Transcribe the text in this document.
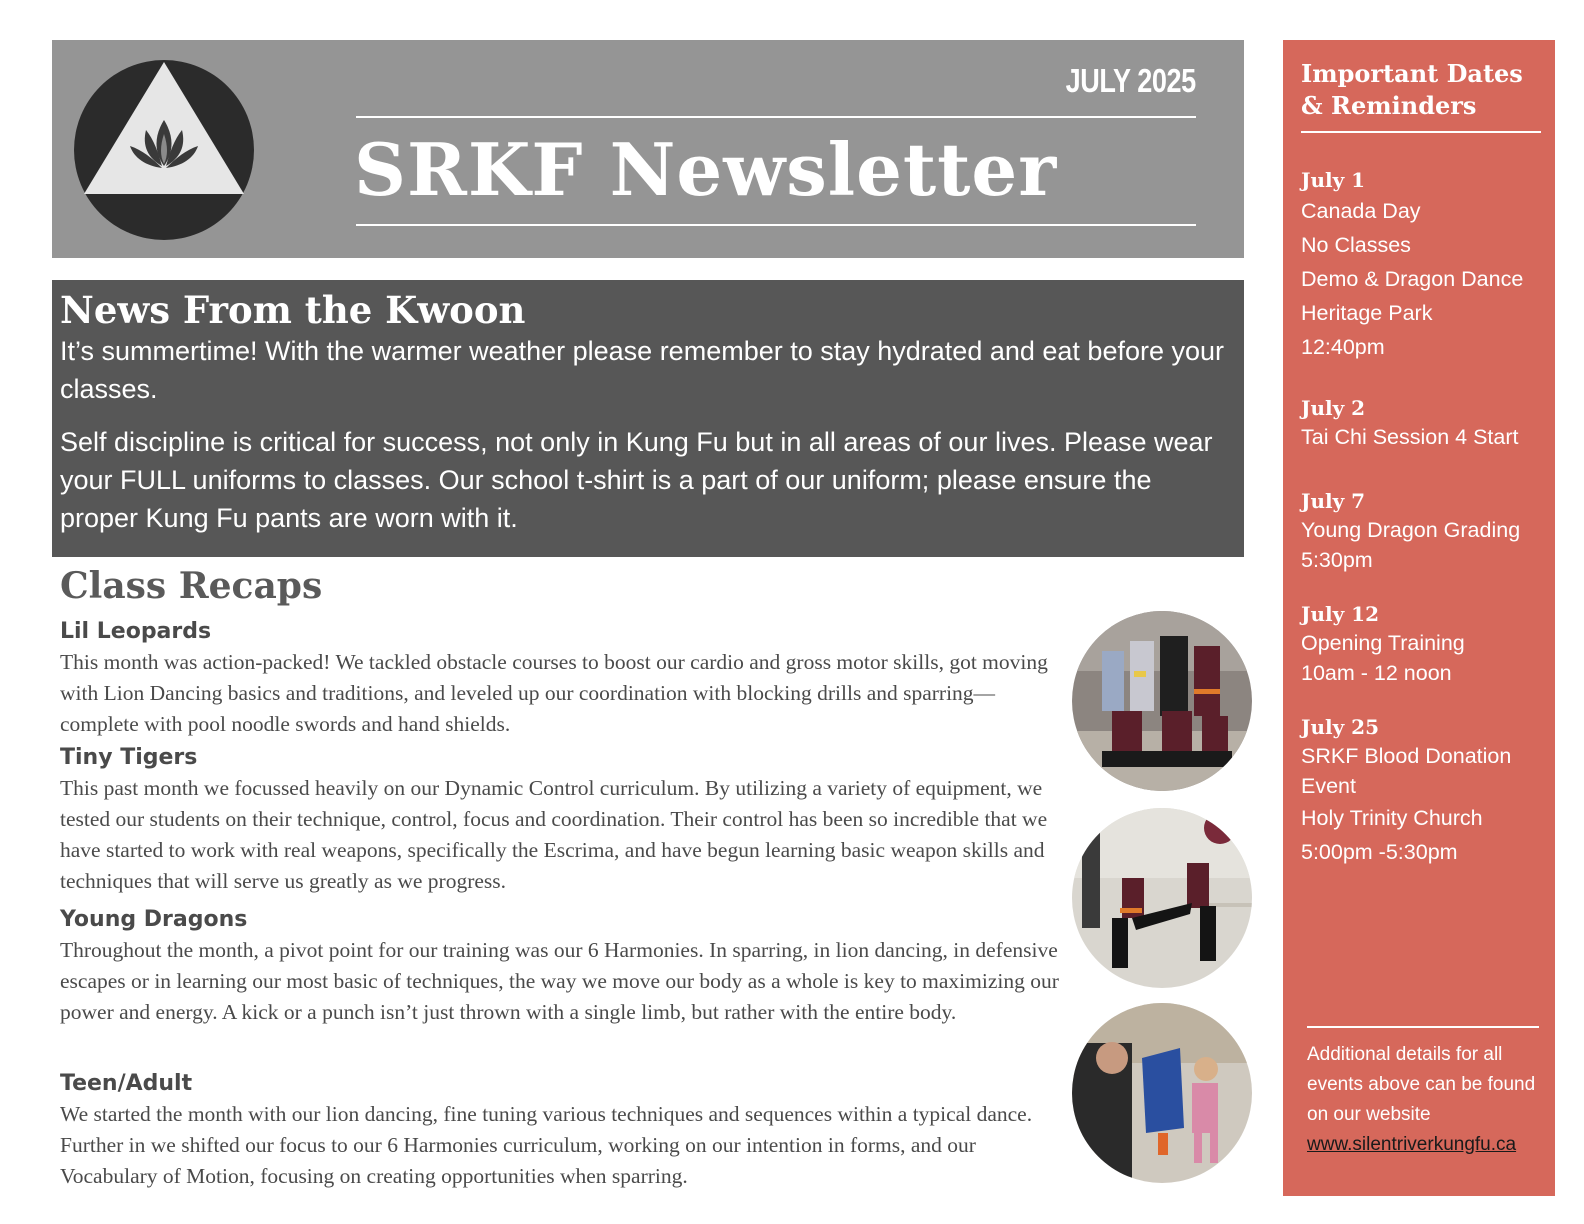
JULY 2025
SRKF Newsletter
News From the Kwoon

It’s summertime! With the warmer weather please remember to stay hydrated and eat before your classes.

Self discipline is critical for success, not only in Kung Fu but in all areas of our lives. Please wear your FULL uniforms to classes. Our school t-shirt is a part of our uniform; please ensure the proper Kung Fu pants are worn with it.

Class Recaps

Lil Leopards

This month was action-packed! We tackled obstacle courses to boost our cardio and gross motor skills, got moving with Lion Dancing basics and traditions, and leveled up our coordination with blocking drills and sparring—complete with pool noodle swords and hand shields.

Tiny Tigers

This past month we focussed heavily on our Dynamic Control curriculum. By utilizing a variety of equipment, we tested our students on their technique, control, focus and coordination. Their control has been so incredible that we have started to work with real weapons, specifically the Escrima, and have begun learning basic weapon skills and techniques that will serve us greatly as we progress.

Young Dragons

Throughout the month, a pivot point for our training was our 6 Harmonies. In sparring, in lion dancing, in defensive escapes or in learning our most basic of techniques, the way we move our body as a whole is key to maximizing our power and energy. A kick or a punch isn’t just thrown with a single limb, but rather with the entire body.

Teen/Adult

We started the month with our lion dancing, fine tuning various techniques and sequences within a typical dance. Further in we shifted our focus to our 6 Harmonies curriculum, working on our intention in forms, and our Vocabulary of Motion, focusing on creating opportunities when sparring.

Important Dates & Reminders

July 1

Canada Day

No Classes

Demo & Dragon Dance

Heritage Park

12:40pm

July 2

Tai Chi Session 4 Start

July 7

Young Dragon Grading

5:30pm

July 12

Opening Training

10am - 12 noon

July 25

SRKF Blood Donation Event

Holy Trinity Church

5:00pm -5:30pm

Additional details for all events above can be found on our website
www.silentriverkungfu.ca
